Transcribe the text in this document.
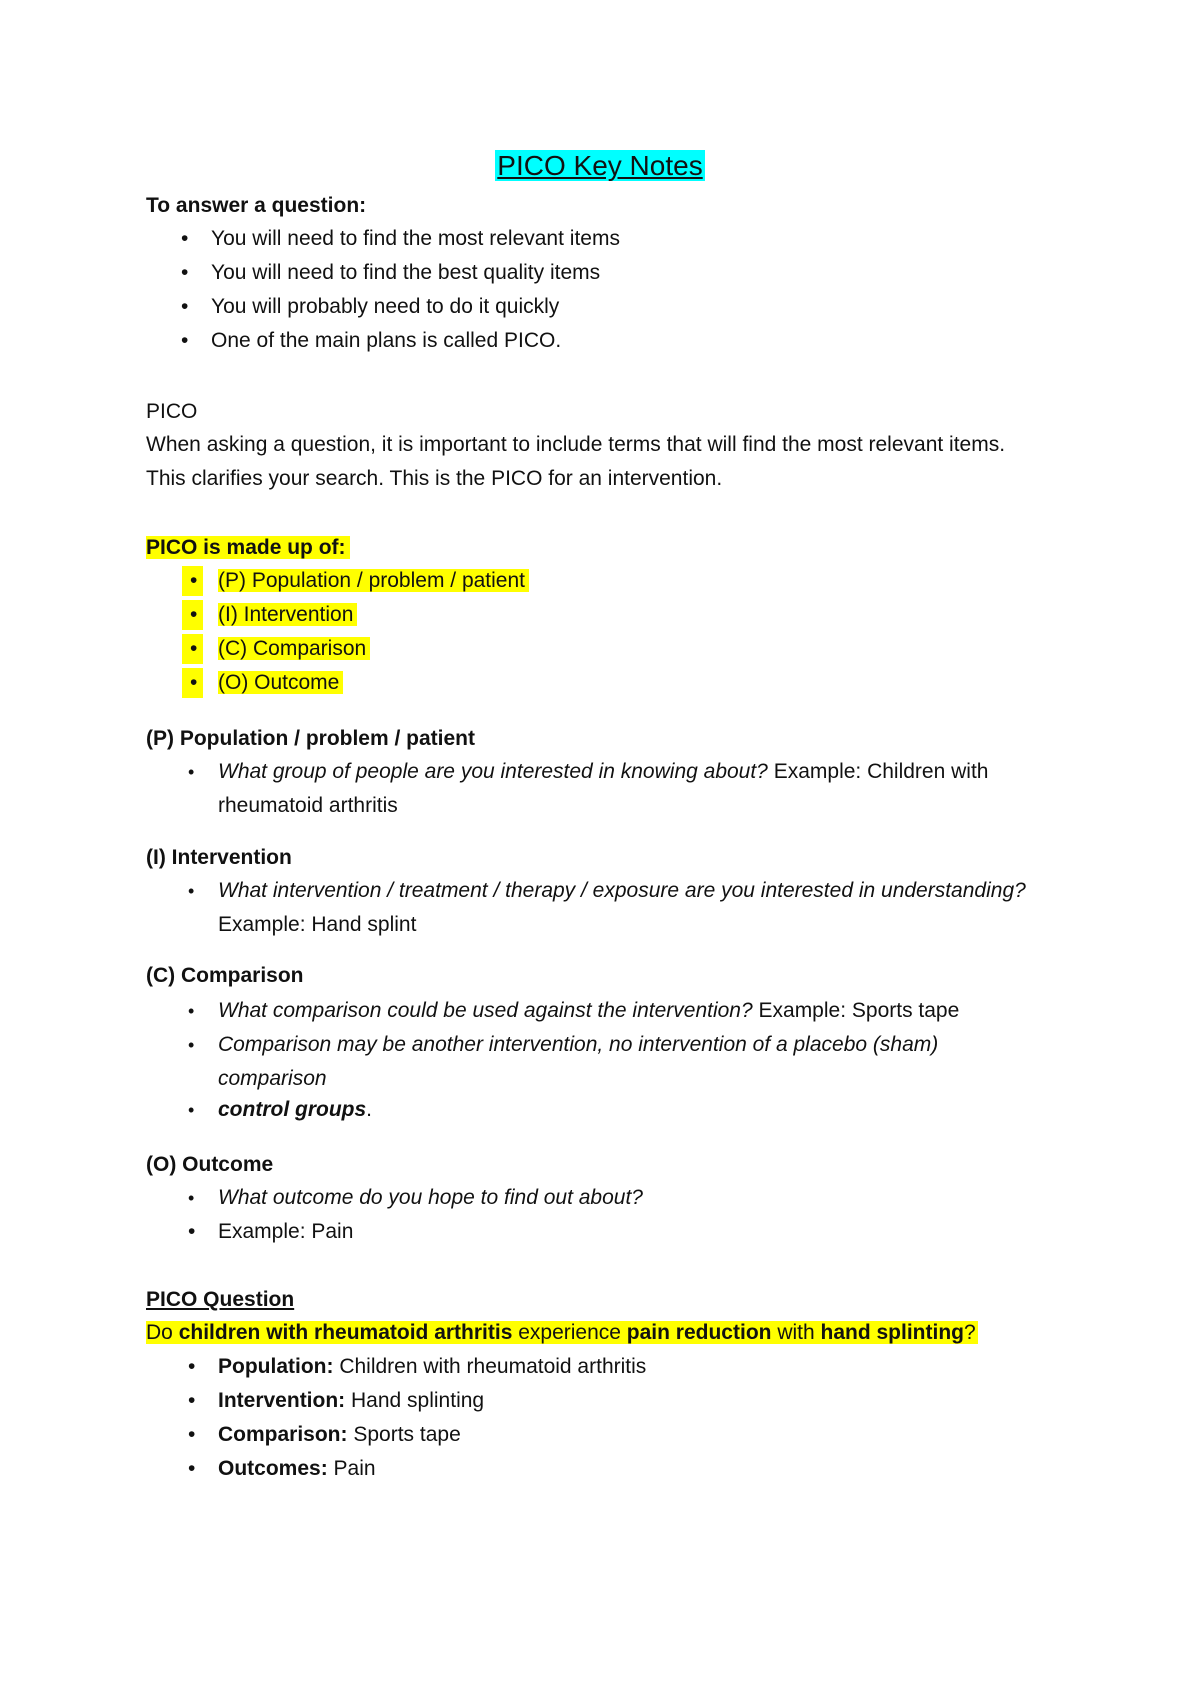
PICO Key Notes
To answer a question:
• You will need to find the most relevant items
• You will need to find the best quality items
• You will probably need to do it quickly
• One of the main plans is called PICO.
PICO
When asking a question, it is important to include terms that will find the most relevant items. This clarifies your search. This is the PICO for an intervention.
PICO is made up of:
• (P) Population / problem / patient
• (I) Intervention
• (C) Comparison
• (O) Outcome
(P) Population / problem / patient
• What group of people are you interested in knowing about? Example: Children with rheumatoid arthritis
(I) Intervention
• What intervention / treatment / therapy / exposure are you interested in understanding? Example: Hand splint
(C) Comparison
• What comparison could be used against the intervention? Example: Sports tape
• Comparison may be another intervention, no intervention of a placebo (sham) comparison
• control groups.
(O) Outcome
• What outcome do you hope to find out about?
• Example: Pain
PICO Question
Do children with rheumatoid arthritis experience pain reduction with hand splinting?
• Population: Children with rheumatoid arthritis
• Intervention: Hand splinting
• Comparison: Sports tape
• Outcomes: Pain
